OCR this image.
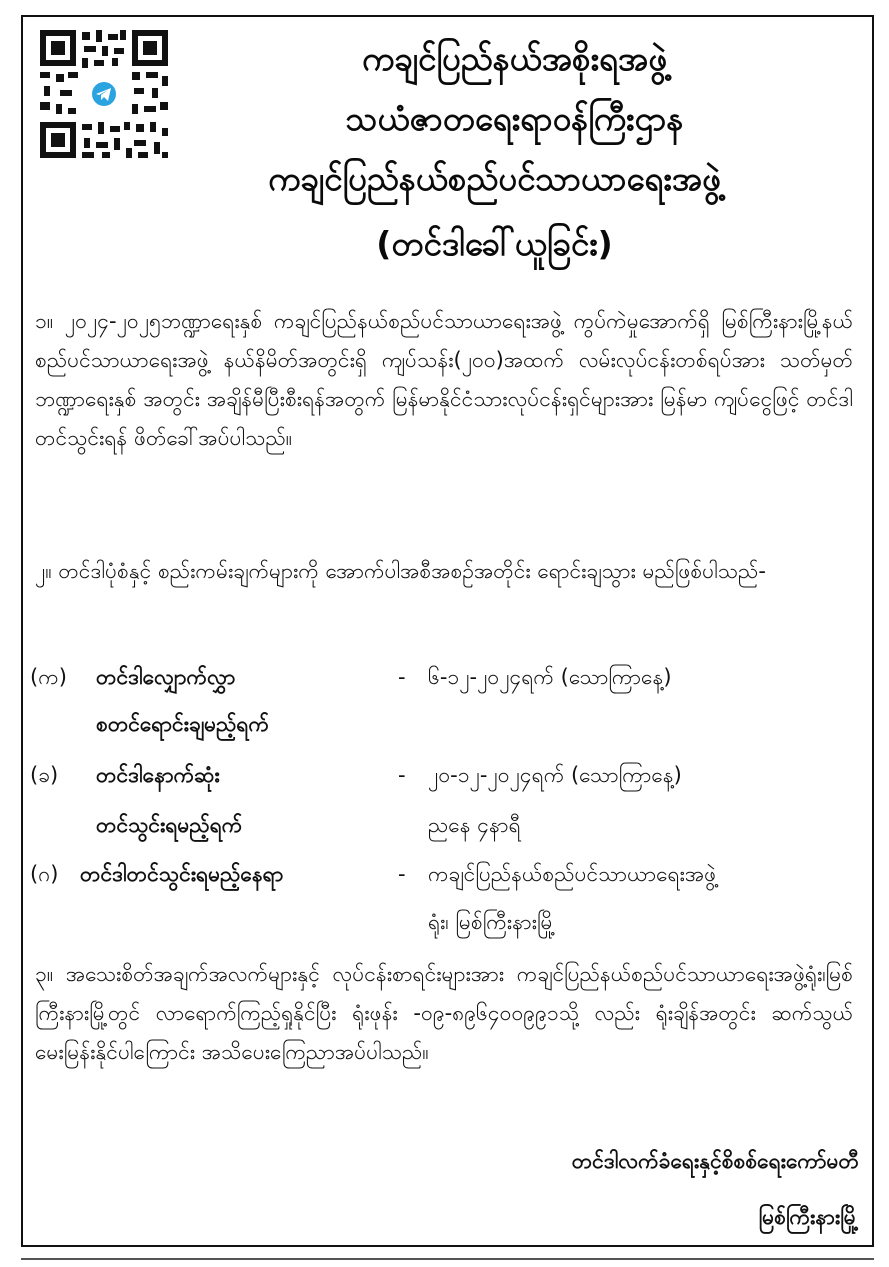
ကချင်ပြည်နယ်အစိုးရအဖွဲ့
သယံဇာတရေးရာဝန်ကြီးဌာန
ကချင်ပြည်နယ်စည်ပင်သာယာရေးအဖွဲ့
(တင်ဒါခေါ်ယူခြင်း)
၁။ ၂၀၂၄-၂၀၂၅ဘဏ္ဍာရေးနှစ် ကချင်ပြည်နယ်စည်ပင်သာယာရေးအဖွဲ့ ကွပ်ကဲမှုအောက်ရှိ မြစ်ကြီးနားမြို့နယ်စည်ပင်သာယာရေးအဖွဲ့ နယ်နိမိတ်အတွင်းရှိ ကျပ်သန်း(၂၀၀)အထက် လမ်းလုပ်ငန်းတစ်ရပ်အား သတ်မှတ်ဘဏ္ဍာရေးနှစ် အတွင်း အချိန်မီပြီးစီးရန်အတွက် မြန်မာနိုင်ငံသားလုပ်ငန်းရှင်များအား မြန်မာ ကျပ်ငွေဖြင့် တင်ဒါတင်သွင်းရန် ဖိတ်ခေါ်အပ်ပါသည်။
၂။ တင်ဒါပုံစံနှင့် စည်းကမ်းချက်များကို အောက်ပါအစီအစဉ်အတိုင်း ရောင်းချသွား မည်ဖြစ်ပါသည်-
(က) တင်ဒါလျှောက်လွှာ
စတင်ရောင်းချမည့်ရက်
- ၆-၁၂-၂၀၂၄ရက် (သောကြာနေ့)
(ခ) တင်ဒါနောက်ဆုံး
တင်သွင်းရမည့်ရက်
- ၂၀-၁၂-၂၀၂၄ရက် (သောကြာနေ့)
ညနေ ၄နာရီ
(ဂ) တင်ဒါတင်သွင်းရမည့်နေရာ	- ကချင်ပြည်နယ်စည်ပင်သာယာရေးအဖွဲ့
ရုံး၊ မြစ်ကြီးနားမြို့
၃။ အသေးစိတ်အချက်အလက်များနှင့် လုပ်ငန်းစာရင်းများအား ကချင်ပြည်နယ်စည်ပင်သာယာရေးအဖွဲ့ရုံး၊မြစ်ကြီးနားမြို့တွင် လာရောက်ကြည့်ရှုနိုင်ပြီး ရုံးဖုန်း -၀၉-၈၉၆၄၀၀၉၉၁သို့ လည်း ရုံးချိန်အတွင်း ဆက်သွယ်မေးမြန်းနိုင်ပါကြောင်း အသိပေးကြေညာအပ်ပါသည်။
တင်ဒါလက်ခံရေးနှင့်စိစစ်ရေးကော်မတီ
မြစ်ကြီးနားမြို့
